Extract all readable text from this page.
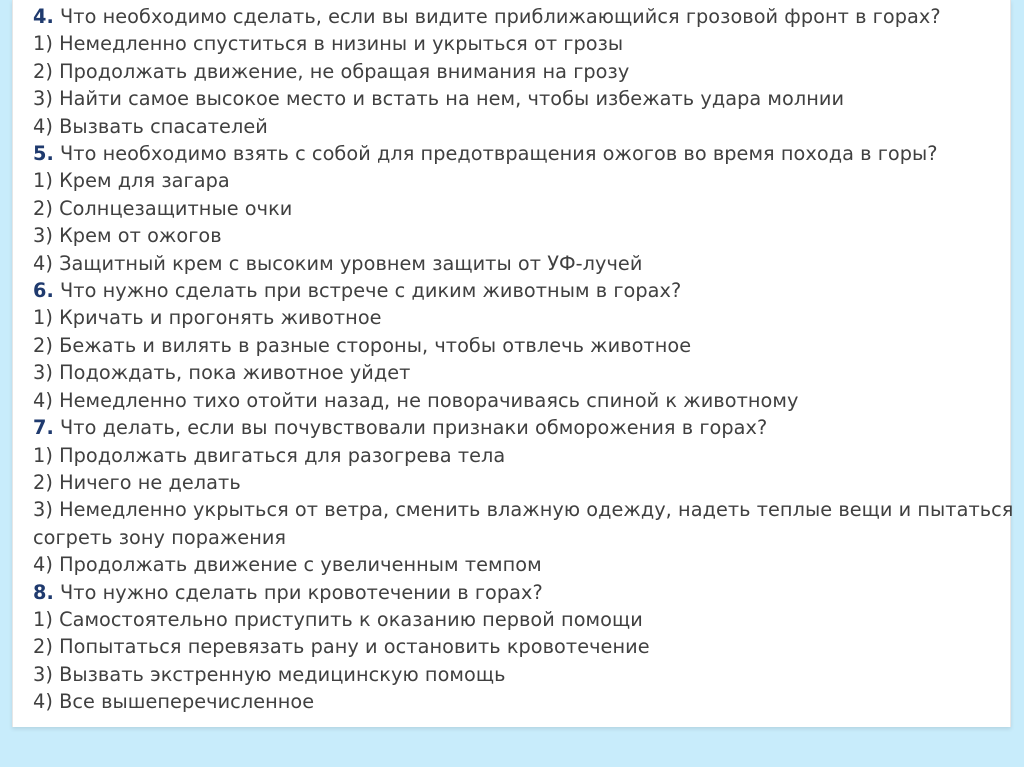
4. Что необходимо сделать, если вы видите приближающийся грозовой фронт в горах?

1) Немедленно спуститься в низины и укрыться от грозы

2) Продолжать движение, не обращая внимания на грозу

3) Найти самое высокое место и встать на нем, чтобы избежать удара молнии

4) Вызвать спасателей

5. Что необходимо взять с собой для предотвращения ожогов во время похода в горы?

1) Крем для загара

2) Солнцезащитные очки

3) Крем от ожогов

4) Защитный крем с высоким уровнем защиты от УФ-лучей

6. Что нужно сделать при встрече с диким животным в горах?

1) Кричать и прогонять животное

2) Бежать и вилять в разные стороны, чтобы отвлечь животное

3) Подождать, пока животное уйдет

4) Немедленно тихо отойти назад, не поворачиваясь спиной к животному

7. Что делать, если вы почувствовали признаки обморожения в горах?

1) Продолжать двигаться для разогрева тела

2) Ничего не делать

3) Немедленно укрыться от ветра, сменить влажную одежду, надеть теплые вещи и пытаться согреть зону поражения

4) Продолжать движение с увеличенным темпом

8. Что нужно сделать при кровотечении в горах?

1) Самостоятельно приступить к оказанию первой помощи

2) Попытаться перевязать рану и остановить кровотечение

3) Вызвать экстренную медицинскую помощь

4) Все вышеперечисленное
